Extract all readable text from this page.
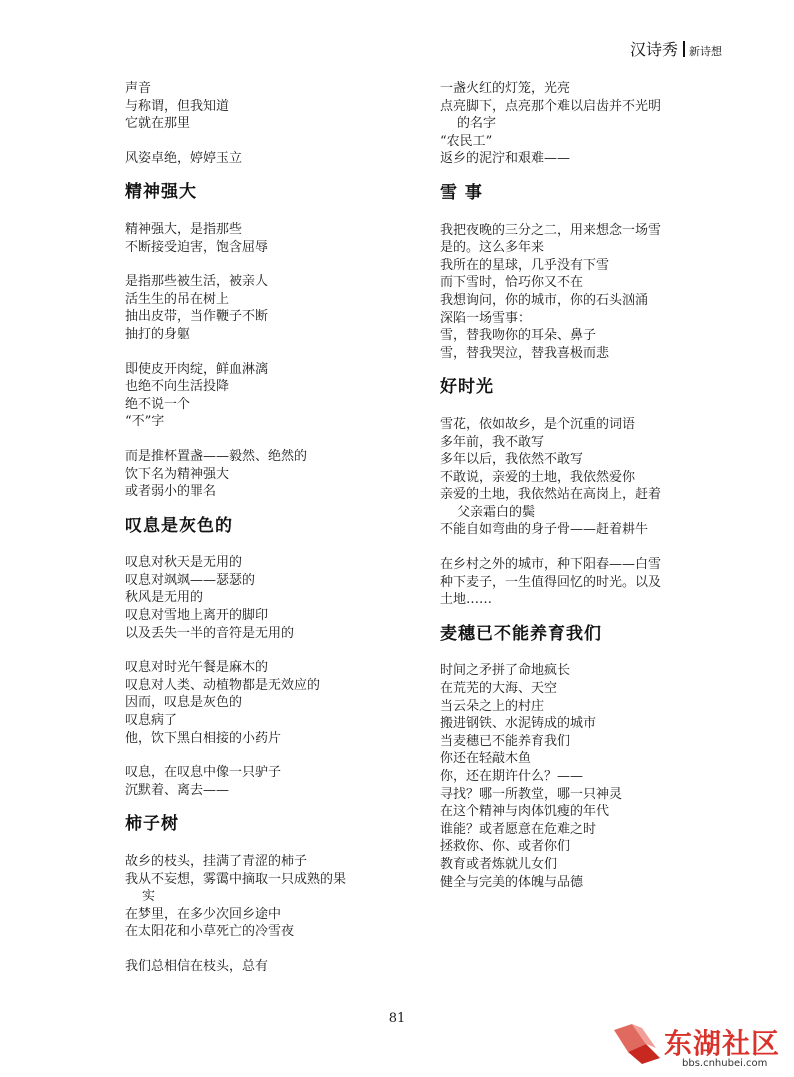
汉诗秀 新诗想
声音
与称谓，但我知道
它就在那里
风姿卓绝，婷婷玉立
精神强大
精神强大，是指那些
不断接受迫害，饱含屈辱
是指那些被生活，被亲人
活生生的吊在树上
抽出皮带，当作鞭子不断
抽打的身躯
即使皮开肉绽，鲜血淋漓
也绝不向生活投降
绝不说一个
“不”字
而是推杯置盏——毅然、绝然的
饮下名为精神强大
或者弱小的罪名
叹息是灰色的
叹息对秋天是无用的
叹息对飒飒——瑟瑟的
秋风是无用的
叹息对雪地上离开的脚印
以及丢失一半的音符是无用的
叹息对时光午餐是麻木的
叹息对人类、动植物都是无效应的
因而，叹息是灰色的
叹息病了
他，饮下黑白相接的小药片
叹息，在叹息中像一只驴子
沉默着、离去——
柿子树
故乡的枝头，挂满了青涩的柿子
我从不妄想，雾霭中摘取一只成熟的果
实
在梦里，在多少次回乡途中
在太阳花和小草死亡的冷雪夜
我们总相信在枝头，总有
一盏火红的灯笼，光亮
点亮脚下，点亮那个难以启齿并不光明
的名字
“农民工”
返乡的泥泞和艰难——
雪 事
我把夜晚的三分之二，用来想念一场雪
是的。这么多年来
我所在的星球，几乎没有下雪
而下雪时，恰巧你又不在
我想询问，你的城市，你的石头汹涌
深陷一场雪事：
雪，替我吻你的耳朵、鼻子
雪，替我哭泣，替我喜极而悲
好时光
雪花，依如故乡，是个沉重的词语
多年前，我不敢写
多年以后，我依然不敢写
不敢说，亲爱的土地，我依然爱你
亲爱的土地，我依然站在高岗上，赶着
父亲霜白的鬓
不能自如弯曲的身子骨——赶着耕牛
在乡村之外的城市，种下阳春——白雪
种下麦子，一生值得回忆的时光。以及
土地……
麦穗已不能养育我们
时间之矛拼了命地疯长
在荒芜的大海、天空
当云朵之上的村庄
搬进钢铁、水泥铸成的城市
当麦穗已不能养育我们
你还在轻敲木鱼
你，还在期许什么？——
寻找？哪一所教堂，哪一只神灵
在这个精神与肉体饥瘦的年代
谁能？或者愿意在危难之时
拯救你、你、或者你们
教育或者炼就儿女们
健全与完美的体魄与品德
81
东湖社区
bbs.cnhubei.com
